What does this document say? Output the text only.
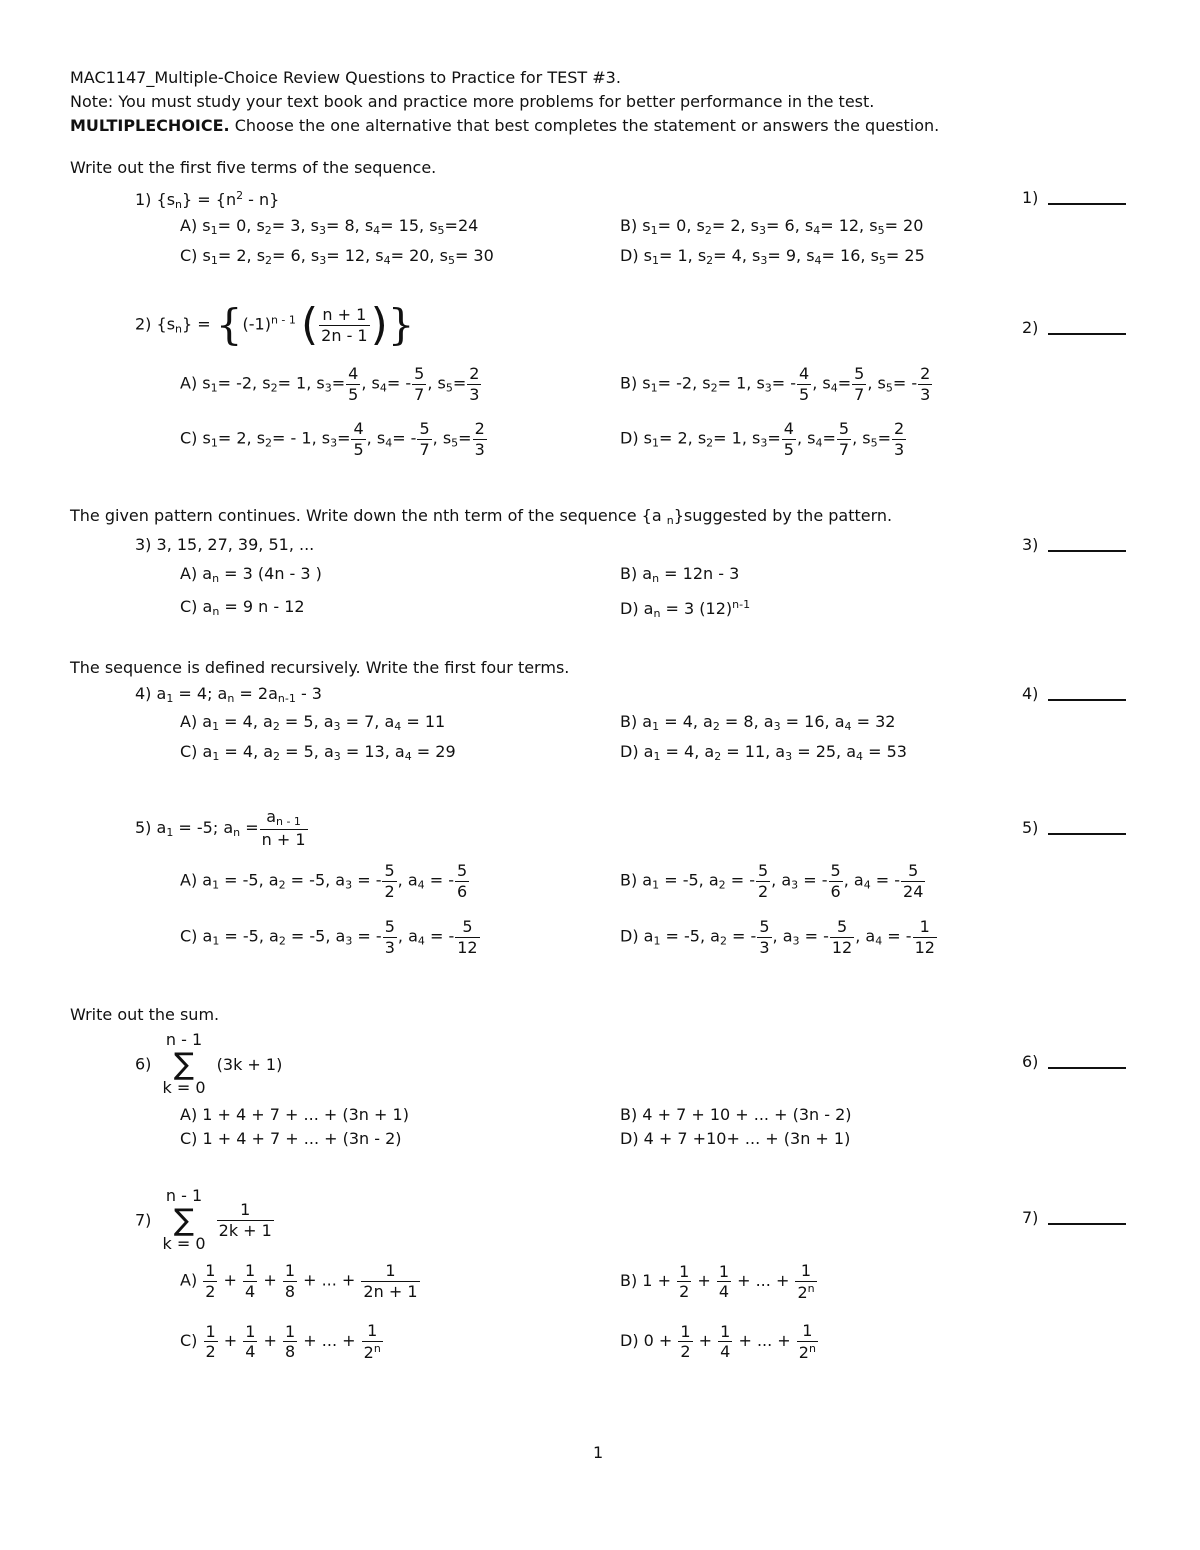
MAC1147_Multiple-Choice Review Questions to Practice for TEST #3.
Note: You must study your text book and practice more problems for better performance in the test.
MULTIPLECHOICE. Choose the one alternative that best completes the statement or answers the question.
Write out the first five terms of the sequence.
1) $\{s_n\} = \{n^2 - n\}$	1)
A) $s_1= 0$, $s_2= 3$, $s_3= 8$, $s_4= 15$, $s_5=24$	B) $s_1= 0$, $s_2= 2$, $s_3= 6$, $s_4= 12$, $s_5= 20$
C) $s_1= 2$, $s_2= 6$, $s_3= 12$, $s_4= 20$, $s_5= 30$	D) $s_1= 1$, $s_2= 4$, $s_3= 9$, $s_4= 16$, $s_5= 25$
2) $\{s_n\} = \{(-1)^{n - 1}$ ( $\frac{n + 1}{2n - 1}$ )}	2)
A) $s_1= -2$, $s_2= 1$, $s_3= \frac{4}{5}$ , $s_4= - \frac{5}{7}$ , $s_5= \frac{2}{3}$	B) $s_1= -2$, $s_2= 1$, $s_3= - \frac{4}{5}$ , $s_4= \frac{5}{7}$ , $s_5= - \frac{2}{3}$
C) $s_1= 2$, $s_2= - 1$, $s_3= \frac{4}{5}$ , $s_4= - \frac{5}{7}$ , $s_5= \frac{2}{3}$	D) $s_1= 2$, $s_2= 1$, $s_3= \frac{4}{5}$ , $s_4= \frac{5}{7}$ , $s_5= \frac{2}{3}$
The given pattern continues. Write down the nth term of the sequence {a $_n$}suggested by the pattern.
3) 3, 15, 27, 39, 51, ...	3)
A) $a_n = 3$ (4n - 3 )	B) $a_n = 12n - 3$
C) $a_n = 9$ n - 12	D) $a_n = 3$ $(12)^{n-1}$
The sequence is defined recursively. Write the first four terms.
4) $a_1 = 4$; $a_n = 2a_{n-1} - 3$	4)
A) $a_1 = 4$, $a_2 = 5$, $a_3 = 7$, $a_4 = 11$	B) $a_1 = 4$, $a_2 = 8$, $a_3 = 16$, $a_4 = 32$
C) $a_1 = 4$, $a_2 = 5$, $a_3 = 13$, $a_4 = 29$	D) $a_1 = 4$, $a_2 = 11$, $a_3 = 25$, $a_4 = 53$
5) $a_1 = -5$; $a_n = \frac{a_{n - 1}}{n + 1}$	5)
A) $a_1 = -5$, $a_2 = -5$, $a_3$ = - $\frac{5}{2}$ , $a_4$ = - $\frac{5}{6}$	B) $a_1 = -5$, $a_2$ = - $\frac{5}{2}$ , $a_3$ = - $\frac{5}{6}$ , $a_4$ = - $\frac{5}{24}$
C) $a_1 = -5$, $a_2 = -5$, $a_3$ = - $\frac{5}{3}$ , $a_4$ = - $\frac{5}{12}$	D) $a_1 = -5$, $a_2$ = - $\frac{5}{3}$ , $a_3$ = - $\frac{5}{12}$ , $a_4$ = - $\frac{1}{12}$
Write out the sum.
6)
n - 1
∑
k = 0
(3k + 1)	6)
A) 1 + 4 + 7 + ... + (3n + 1)	B) 4 + 7 + 10 + ... + (3n - 2)
C) 1 + 4 + 7 + ... + (3n - 2)	D) 4 + 7 +10+ ... + (3n + 1)
7)
n - 1
∑
k = 0

$\frac{1}{2k + 1}$	7)
$A) \frac{1}{2} + \frac{1}{4} + \frac{1}{8}$ + ... + $\frac{1}{2n + 1}$	B) $1 + \frac{1}{2} + \frac{1}{4}$ + ... + $\frac{1}{2^n}$
$C) \frac{1}{2} + \frac{1}{4} + \frac{1}{8}$ + ... + $\frac{1}{2^n}$	D) $0 + \frac{1}{2} + \frac{1}{4}$ + ... + $\frac{1}{2^n}$
1
